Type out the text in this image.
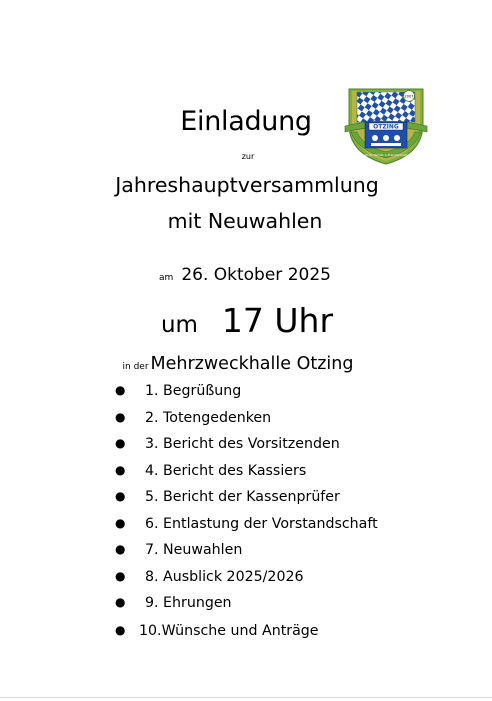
Einladung
zur
Jahreshauptversammlung
mit Neuwahlen
am 26. Oktober 2025
um 17 Uhr
in der Mehrzweckhalle Otzing
● 1. Begrüßung
● 2. Totengedenken
● 3. Bericht des Vorsitzenden
● 4. Bericht des Kassiers
● 5. Bericht der Kassenprüfer
● 6. Entlastung der Vorstandschaft
● 7. Neuwahlen
● 8. Ausblick 2025/2026
● 9. Ehrungen
● 10.Wünsche und Anträge
2007
OTZING
Verein für Heimat- u. Brauchtumspflege
